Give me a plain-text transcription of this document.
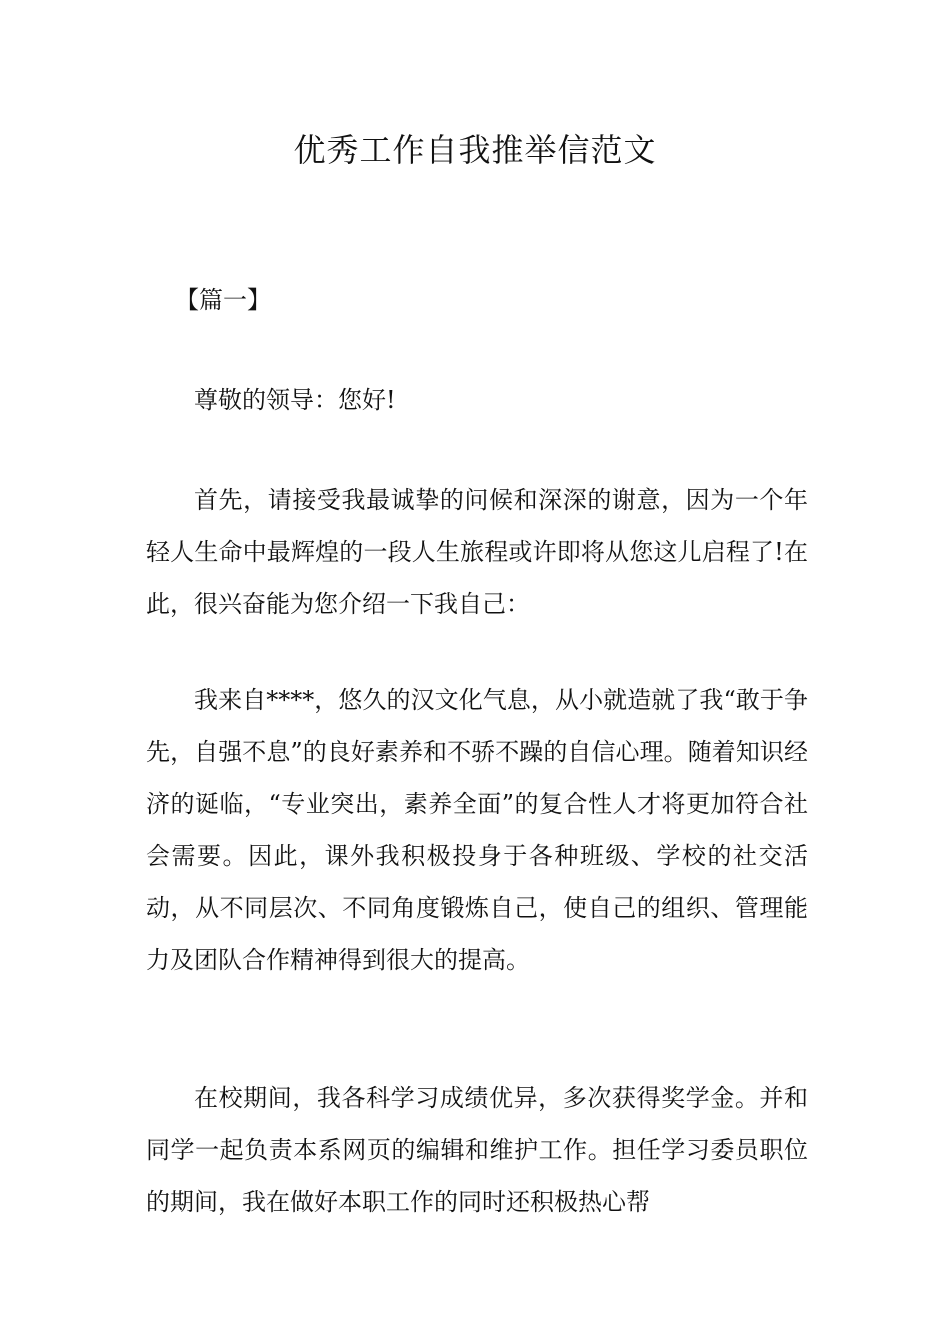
优秀工作自我推举信范文
【篇一】

尊敬的领导：您好!

首先，请接受我最诚挚的问候和深深的谢意，因为一个年轻人生命中最辉煌的一段人生旅程或许即将从您这儿启程了!在此，很兴奋能为您介绍一下我自己：

我来自****，悠久的汉文化气息，从小就造就了我“敢于争先，自强不息”的良好素养和不骄不躁的自信心理。随着知识经济的诞临，“专业突出，素养全面”的复合性人才将更加符合社会需要。因此，课外我积极投身于各种班级、学校的社交活动，从不同层次、不同角度锻炼自己，使自己的组织、管理能力及团队合作精神得到很大的提高。

在校期间，我各科学习成绩优异，多次获得奖学金。并和同学一起负责本系网页的编辑和维护工作。担任学习委员职位的期间，我在做好本职工作的同时还积极热心帮
